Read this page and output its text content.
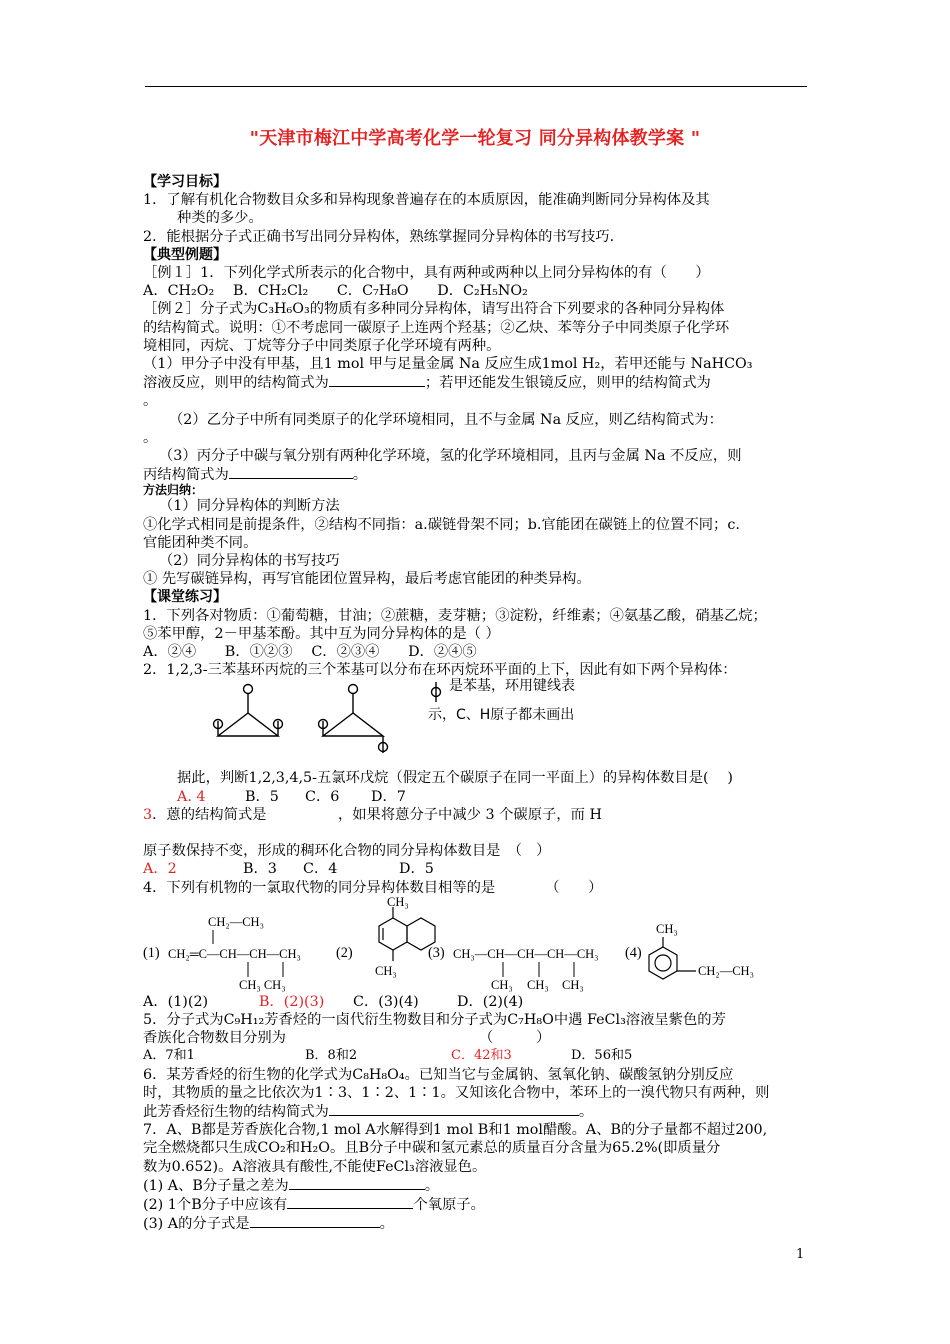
"天津市梅江中学高考化学一轮复习 同分异构体教学案 "

【学习目标】

1．了解有机化合物数目众多和异构现象普遍存在的本质原因，能准确判断同分异构体及其

种类的多少。

2．能根据分子式正确书写出同分异构体，熟练掌握同分异构体的书写技巧．

【典型例题】

［例１］1．下列化学式所表示的化合物中，具有两种或两种以上同分异构体的有（　　）

A．CH₂O₂　 B．CH₂Cl₂　　C．C₇H₈O　　D．C₂H₅NO₂

［例２］分子式为C₃H₆O₃的物质有多种同分异构体，请写出符合下列要求的各种同分异构体

的结构简式。说明：①不考虑同一碳原子上连两个羟基；②乙炔、苯等分子中同类原子化学环

境相同，丙烷、丁烷等分子中同类原子化学环境有两种。

（1）甲分子中没有甲基，且1 mol 甲与足量金属 Na 反应生成1mol H₂，若甲还能与 NaHCO₃

溶液反应，则甲的结构简式为	；若甲还能发生银镜反应，则甲的结构简式为

。

（2）乙分子中所有同类原子的化学环境相同，且不与金属 Na 反应，则乙结构简式为：

。

（3）丙分子中碳与氧分别有两种化学环境，氢的化学环境相同，且丙与金属 Na 不反应，则

丙结构简式为	。

方法归纳：

（1）同分异构体的判断方法

①化学式相同是前提条件，②结构不同指：a.碳链骨架不同；b.官能团在碳链上的位置不同；c.

官能团种类不同。

（2）同分异构体的书写技巧

① 先写碳链异构，再写官能团位置异构，最后考虑官能团的种类异构。

【课堂练习】

1．下列各对物质：①葡萄糖，甘油；②蔗糖，麦芽糖；③淀粉，纤维素；④氨基乙酸，硝基乙烷；

⑤苯甲醇，2－甲基苯酚。其中互为同分异构体的是（ ）

A．②④　　B．①②③　 C．②③④　　D．②④⑤

2．1,2,3-三苯基环丙烷的三个苯基可以分布在环丙烷环平面的上下，因此有如下两个异构体：

是苯基，环用键线表
示，C、H原子都未画出

据此，判断1,2,3,4,5-五氯环戊烷（假定五个碳原子在同一平面上）的异构体数目是(　 )

A. 4	B．5 C．6 D．7

3．蒽的结构简式是　　　　　，如果将蒽分子中减少 3 个碳原子，而 H

原子数保持不变，形成的稠环化合物的同分异构体数目是　（　）

A．2	B．3 C．4	D．5

4．下列有机物的一氯取代物的同分异构体数目相等的是　　　　（　　）

(1)
CH₂—CH₃
CH₂═C—CH—CH—CH₃
CH₃ CH₃
(2)
CH₃
CH₃
(3) CH₃—CH—CH—CH—CH₃
CH₃ CH₃ CH₃
(4)
CH₃
CH₂—CH₃

A．(1)(2)	B．(2)(3) C．(3)(4)	D．(2)(4)

5．分子式为C₉H₁₂芳香烃的一卤代衍生物数目和分子式为C₇H₈O中遇 FeCl₃溶液呈紫色的芳

香族化合物数目分别为　　　　　　　　　　　　　　（　　　）

A．7和1	B．8和2	C．42和3	D．56和5

6．某芳香烃的衍生物的化学式为C₈H₈O₄。已知当它与金属钠、氢氧化钠、碳酸氢钠分别反应

时，其物质的量之比依次为1∶3、1∶2、1∶1。又知该化合物中，苯环上的一溴代物只有两种，则

此芳香烃衍生物的结构简式为	。

7．A、B都是芳香族化合物,1 mol A水解得到1 mol B和1 mol醋酸。A、B的分子量都不超过200,

完全燃烧都只生成CO₂和H₂O。且B分子中碳和氢元素总的质量百分含量为65.2%(即质量分

数为0.652)。A溶液具有酸性,不能使FeCl₃溶液显色。

(1) A、B分子量之差为	。

(2) 1个B分子中应该有	个氧原子。

(3) A的分子式是	。

1
